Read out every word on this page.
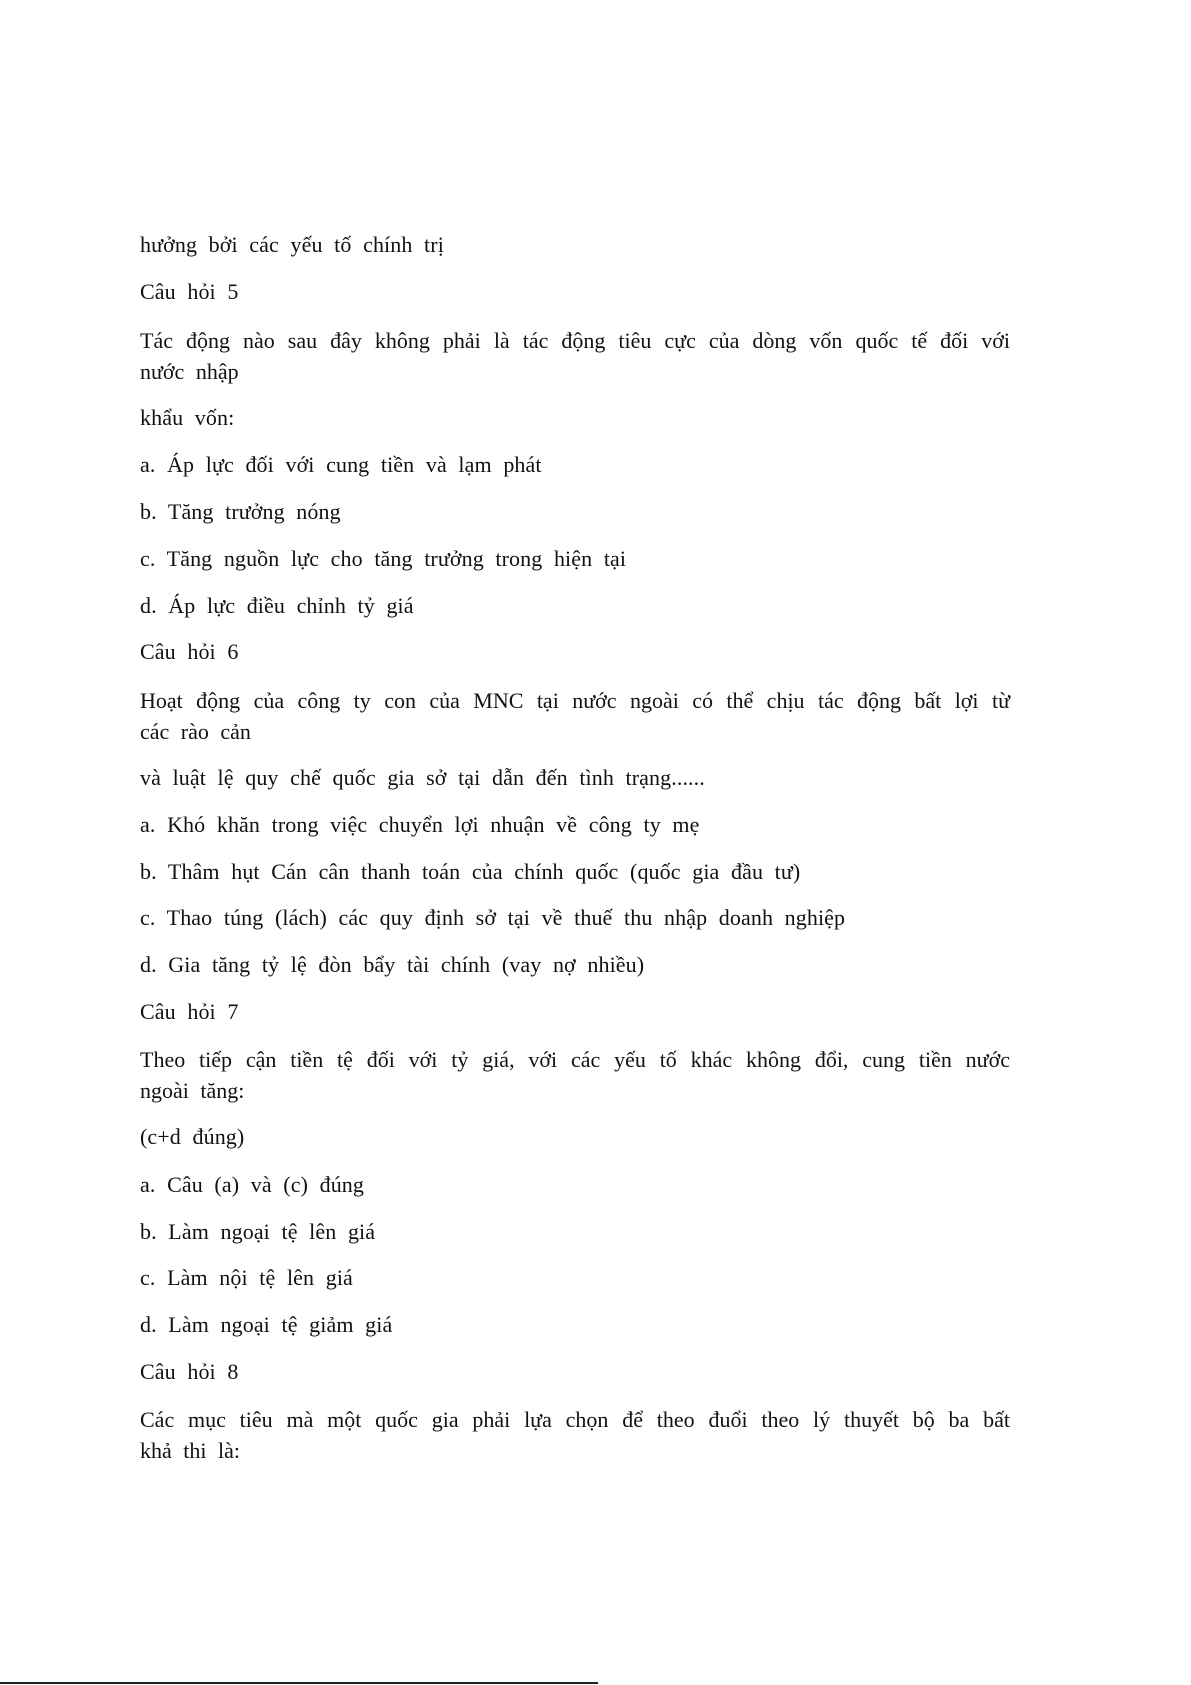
hưởng bởi các yếu tố chính trị
Câu hỏi 5
Tác động nào sau đây không phải là tác động tiêu cực của dòng vốn quốc tế đối với nước nhập
khẩu vốn:
a. Áp lực đối với cung tiền và lạm phát
b. Tăng trưởng nóng
c. Tăng nguồn lực cho tăng trưởng trong hiện tại
d. Áp lực điều chỉnh tỷ giá
Câu hỏi 6
Hoạt động của công ty con của MNC tại nước ngoài có thể chịu tác động bất lợi từ các rào cản
và luật lệ quy chế quốc gia sở tại dẫn đến tình trạng......
a. Khó khăn trong việc chuyển lợi nhuận về công ty mẹ
b. Thâm hụt Cán cân thanh toán của chính quốc (quốc gia đầu tư)
c. Thao túng (lách) các quy định sở tại về thuế thu nhập doanh nghiệp
d. Gia tăng tỷ lệ đòn bẩy tài chính (vay nợ nhiều)
Câu hỏi 7
Theo tiếp cận tiền tệ đối với tỷ giá, với các yếu tố khác không đổi, cung tiền nước ngoài tăng:
(c+d đúng)
a. Câu (a) và (c) đúng
b. Làm ngoại tệ lên giá
c. Làm nội tệ lên giá
d. Làm ngoại tệ giảm giá
Câu hỏi 8
Các mục tiêu mà một quốc gia phải lựa chọn để theo đuổi theo lý thuyết bộ ba bất khả thi là:
